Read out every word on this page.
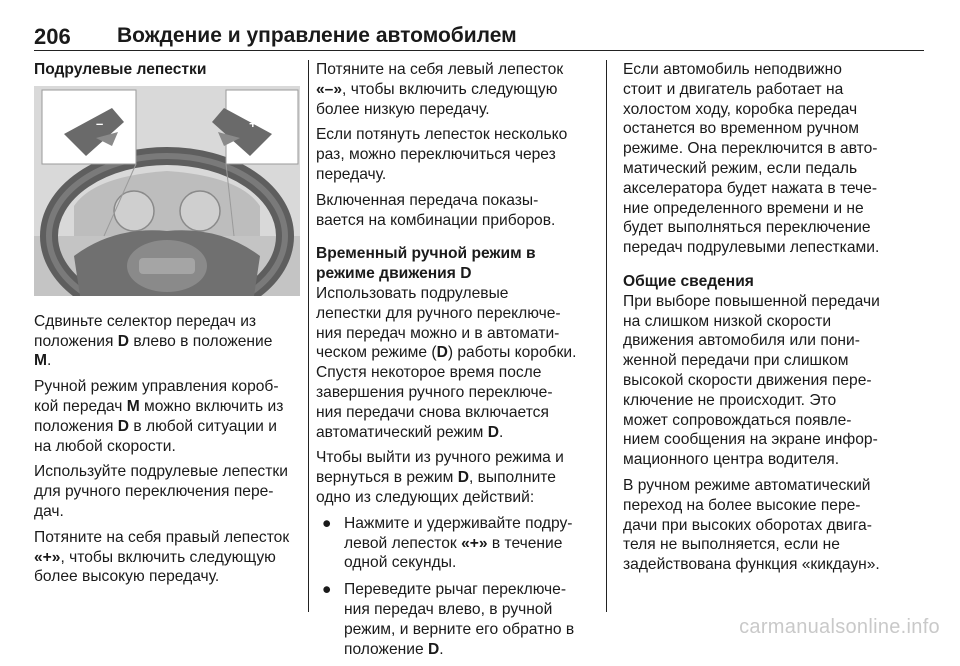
206 Вождение и управление автомобилем
Подрулевые лепестки
–	+

Сдвиньте селектор передач из
положения D влево в положение
M.

Ручной режим управления короб-
кой передач M можно включить из
положения D в любой ситуации и
на любой скорости.

Используйте подрулевые лепестки
для ручного переключения пере-
дач.

Потяните на себя правый лепесток
«+», чтобы включить следующую
более высокую передачу.

Потяните на себя левый лепесток
«–», чтобы включить следующую
более низкую передачу.

Если потянуть лепесток несколько
раз, можно переключиться через
передачу.

Включенная передача показы-
вается на комбинации приборов.

Временный ручной режим в
режиме движения D

Использовать подрулевые
лепестки для ручного переключе-
ния передач можно и в автомати-
ческом режиме (D) работы коробки.
Спустя некоторое время после
завершения ручного переключе-
ния передачи снова включается
автоматический режим D.

Чтобы выйти из ручного режима и
вернуться в режим D, выполните
одно из следующих действий:

● Нажмите и удерживайте подру-
левой лепесток «+» в течение
одной секунды.
● Переведите рычаг переключе-
ния передач влево, в ручной
режим, и верните его обратно в
положение D.

Если автомобиль неподвижно
стоит и двигатель работает на
холостом ходу, коробка передач
останется во временном ручном
режиме. Она переключится в авто-
матический режим, если педаль
акселератора будет нажата в тече-
ние определенного времени и не
будет выполняться переключение
передач подрулевыми лепестками.

Общие сведения

При выборе повышенной передачи
на слишком низкой скорости
движения автомобиля или пони-
женной передачи при слишком
высокой скорости движения пере-
ключение не происходит. Это
может сопровождаться появле-
нием сообщения на экране инфор-
мационного центра водителя.

В ручном режиме автоматический
переход на более высокие пере-
дачи при высоких оборотах двига-
теля не выполняется, если не
задействована функция «кикдаун».

carmanualsonline.info
